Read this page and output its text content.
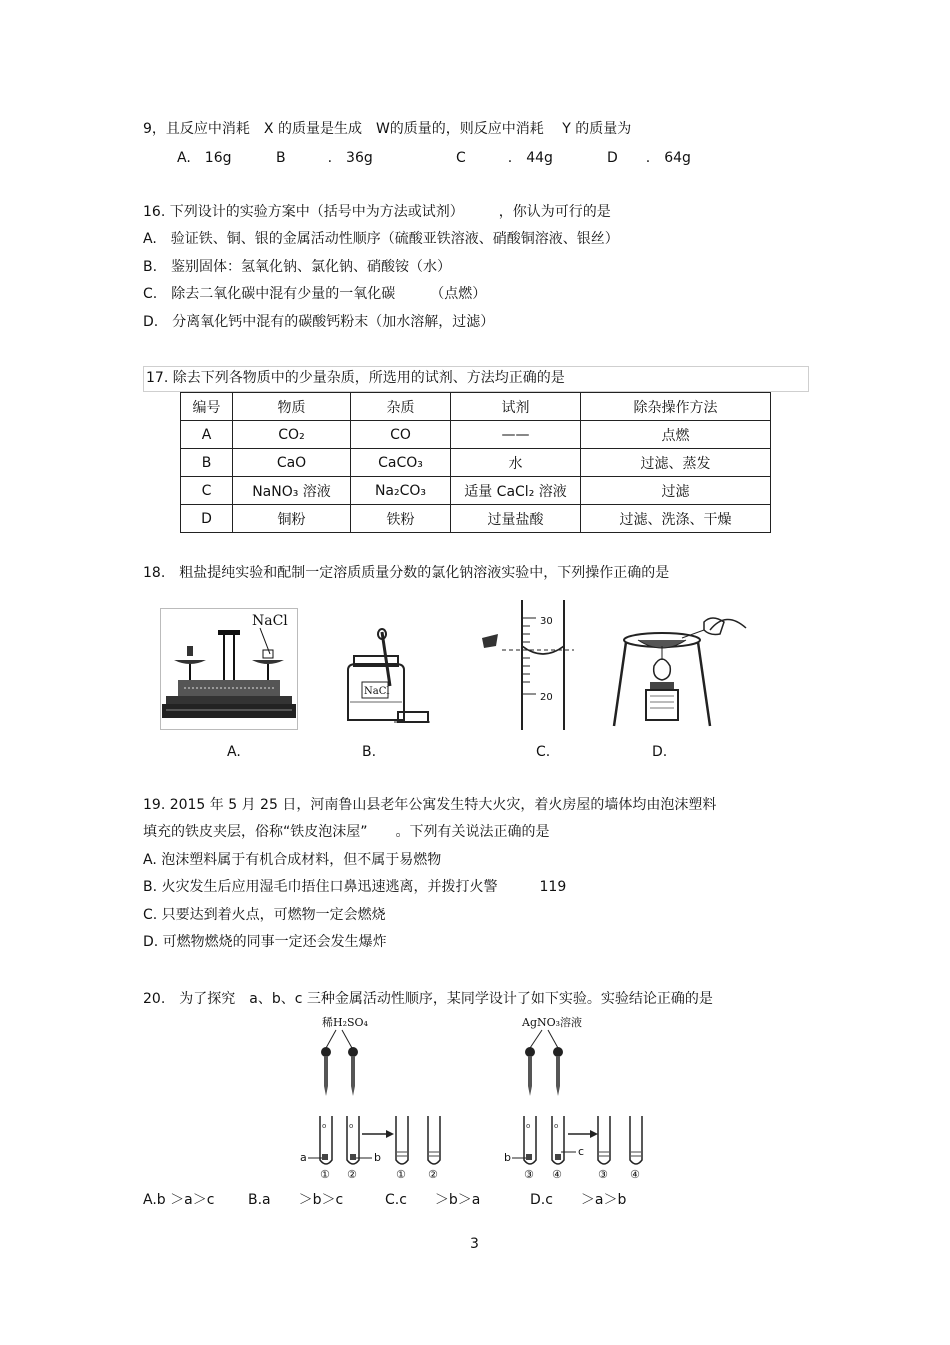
9，且反应中消耗　X 的质量是生成　W的质量的，则反应中消耗　 Y 的质量为
A.　16g	B　　　.　36g	C　　　.　44g	D　　.　64g
16. 下列设计的实验方案中（括号中为方法或试剂）　　　，你认为可行的是
A.　验证铁、铜、银的金属活动性顺序（硫酸亚铁溶液、硝酸铜溶液、银丝）
B.　鉴别固体：氢氧化钠、氯化钠、硝酸铵（水）
C.　除去二氧化碳中混有少量的一氧化碳　　　（点燃）
D.　分离氧化钙中混有的碳酸钙粉末（加水溶解，过滤）
17. 除去下列各物质中的少量杂质，所选用的试剂、方法均正确的是
编号	物质	杂质	试剂	除杂操作方法
A	CO₂	CO	——	点燃
B	CaO	CaCO₃	水	过滤、蒸发
C	NaNO₃ 溶液	Na₂CO₃	适量 CaCl₂ 溶液	过滤
D	铜粉	铁粉	过量盐酸	过滤、洗涤、干燥
18.　粗盐提纯实验和配制一定溶质质量分数的氯化钠溶液实验中，下列操作正确的是
NaCl
A.
NaCl
B.
30
20
C.	D.
19. 2015 年 5 月 25 日，河南鲁山县老年公寓发生特大火灾，着火房屋的墙体均由泡沫塑料
填充的铁皮夹层，俗称“铁皮泡沫屋”　　。下列有关说法正确的是
A. 泡沫塑料属于有机合成材料，但不属于易燃物
B. 火灾发生后应用湿毛巾捂住口鼻迅速逃离，并拨打火警　　　119
C. 只要达到着火点，可燃物一定会燃烧
D. 可燃物燃烧的同事一定还会发生爆炸
20.　为了探究　a、b、c 三种金属活动性顺序，某同学设计了如下实验。实验结论正确的是
稀H₂SO₄
o	o
a	b
① ②	① ②
AgNO₃溶液
o	o
b	c
③ ④	③ ④
A.b ＞a＞c B.a　　＞b＞c	C.c　　＞b＞a	D.c　　＞a＞b
3
